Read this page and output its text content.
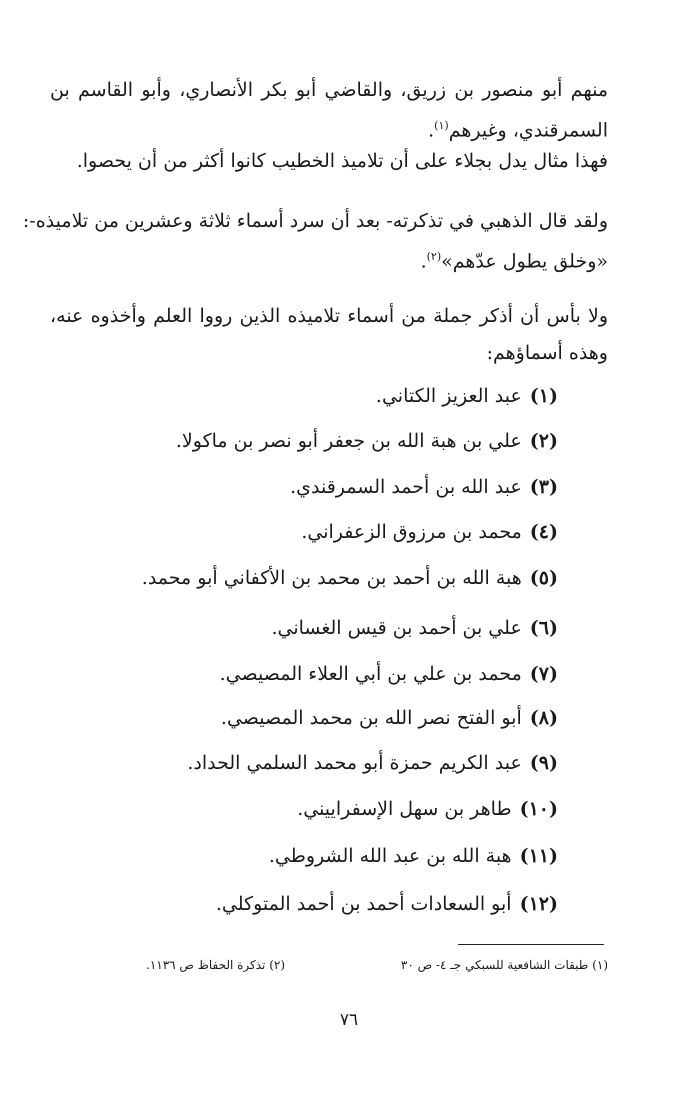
منهم أبو منصور بن زريق، والقاضي أبو بكر الأنصاري، وأبو القاسم بن
السمرقندي، وغيرهم$^{(١)}$.
فهذا مثال يدل بجلاء على أن تلاميذ الخطيب كانوا أكثر من أن يحصوا.
ولقد قال الذهبي في تذكرته- بعد أن سرد أسماء ثلاثة وعشرين من تلاميذه-:
«وخلق يطول عدّهم»$^{(٢)}$.
ولا بأس أن أذكر جملة من أسماء تلاميذه الذين رووا العلم وأخذوه عنه،
وهذه أسماؤهم:
(١)عبد العزيز الكتاني.
(٢)علي بن هبة الله بن جعفر أبو نصر بن ماكولا.
(٣)عبد الله بن أحمد السمرقندي.
(٤)محمد بن مرزوق الزعفراني.
(٥)هبة الله بن أحمد بن محمد بن الأكفاني أبو محمد.
(٦)علي بن أحمد بن قيس الغساني.
(٧)محمد بن علي بن أبي العلاء المصيصي.
(٨)أبو الفتح نصر الله بن محمد المصيصي.
(٩)عبد الكريم حمزة أبو محمد السلمي الحداد.
(١٠)طاهر بن سهل الإسفراييني.
(١١)هبة الله بن عبد الله الشروطي.
(١٢)أبو السعادات أحمد بن أحمد المتوكلي.
(١) طبقات الشافعية للسبكي جـ ٤- ص ٣٠
(٢) تذكرة الحفاظ ص ١١٣٦.
٧٦
